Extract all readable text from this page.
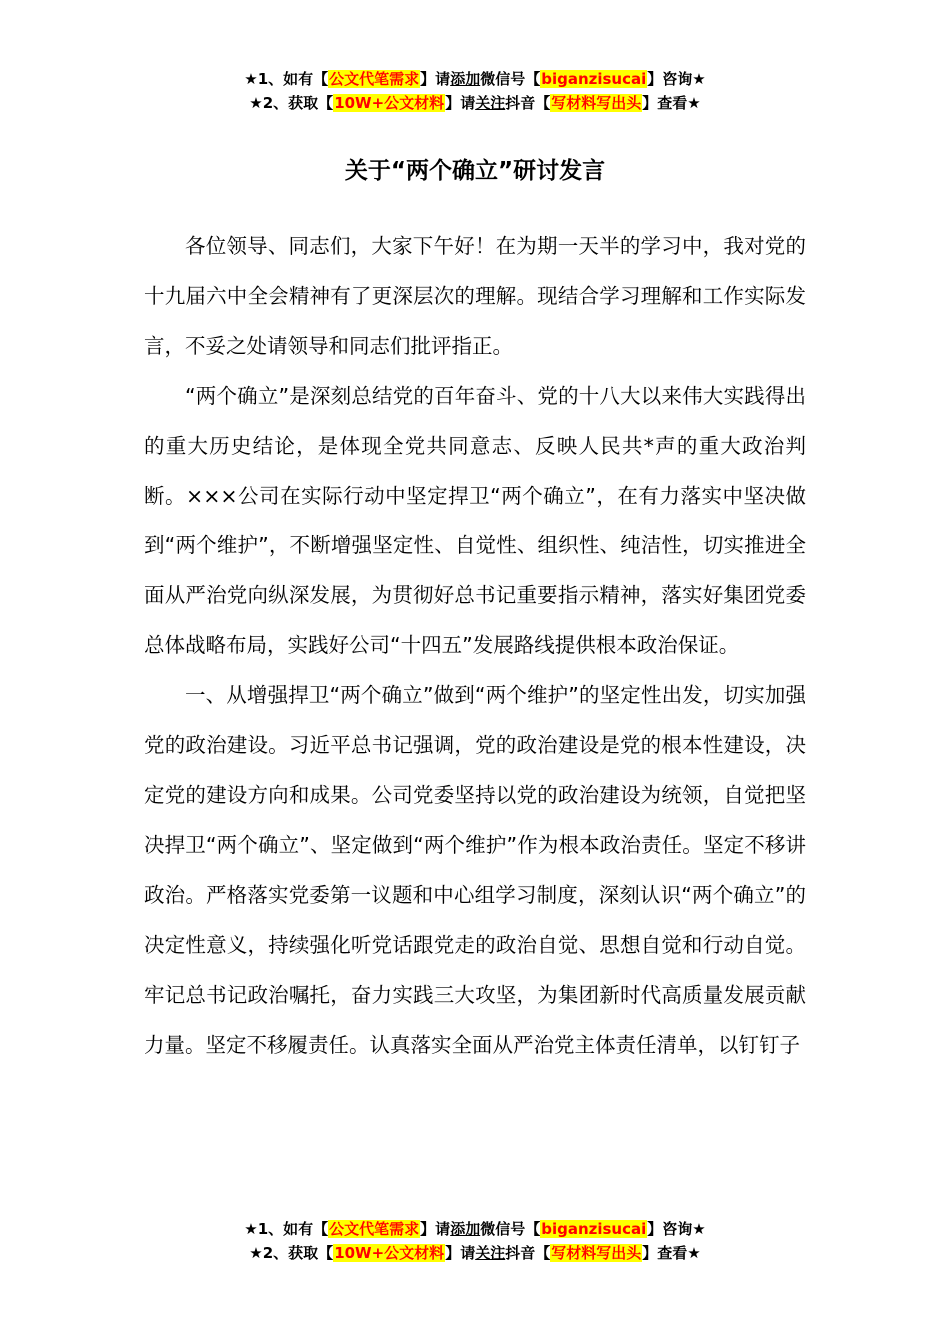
★1、如有【公文代笔需求】请添加微信号【biganzisucai】咨询★
★2、获取【10W+公文材料】请关注抖音【写材料写出头】查看★
关于“两个确立”研讨发言

各位领导、同志们，大家下午好！在为期一天半的学习中，我对党的十九届六中全会精神有了更深层次的理解。现结合学习理解和工作实际发言，不妥之处请领导和同志们批评指正。

“两个确立”是深刻总结党的百年奋斗、党的十八大以来伟大实践得出的重大历史结论，是体现全党共同意志、反映人民共*声的重大政治判断。×××公司在实际行动中坚定捍卫“两个确立”，在有力落实中坚决做到“两个维护”，不断增强坚定性、自觉性、组织性、纯洁性，切实推进全面从严治党向纵深发展，为贯彻好总书记重要指示精神，落实好集团党委总体战略布局，实践好公司“十四五”发展路线提供根本政治保证。

一、从增强捍卫“两个确立”做到“两个维护”的坚定性出发，切实加强党的政治建设。习近平总书记强调，党的政治建设是党的根本性建设，决定党的建设方向和成果。公司党委坚持以党的政治建设为统领，自觉把坚决捍卫“两个确立”、坚定做到“两个维护”作为根本政治责任。坚定不移讲政治。严格落实党委第一议题和中心组学习制度，深刻认识“两个确立”的决定性意义，持续强化听党话跟党走的政治自觉、思想自觉和行动自觉。牢记总书记政治嘱托，奋力实践三大攻坚，为集团新时代高质量发展贡献力量。坚定不移履责任。认真落实全面从严治党主体责任清单，以钉钉子

★1、如有【公文代笔需求】请添加微信号【biganzisucai】咨询★
★2、获取【10W+公文材料】请关注抖音【写材料写出头】查看★
